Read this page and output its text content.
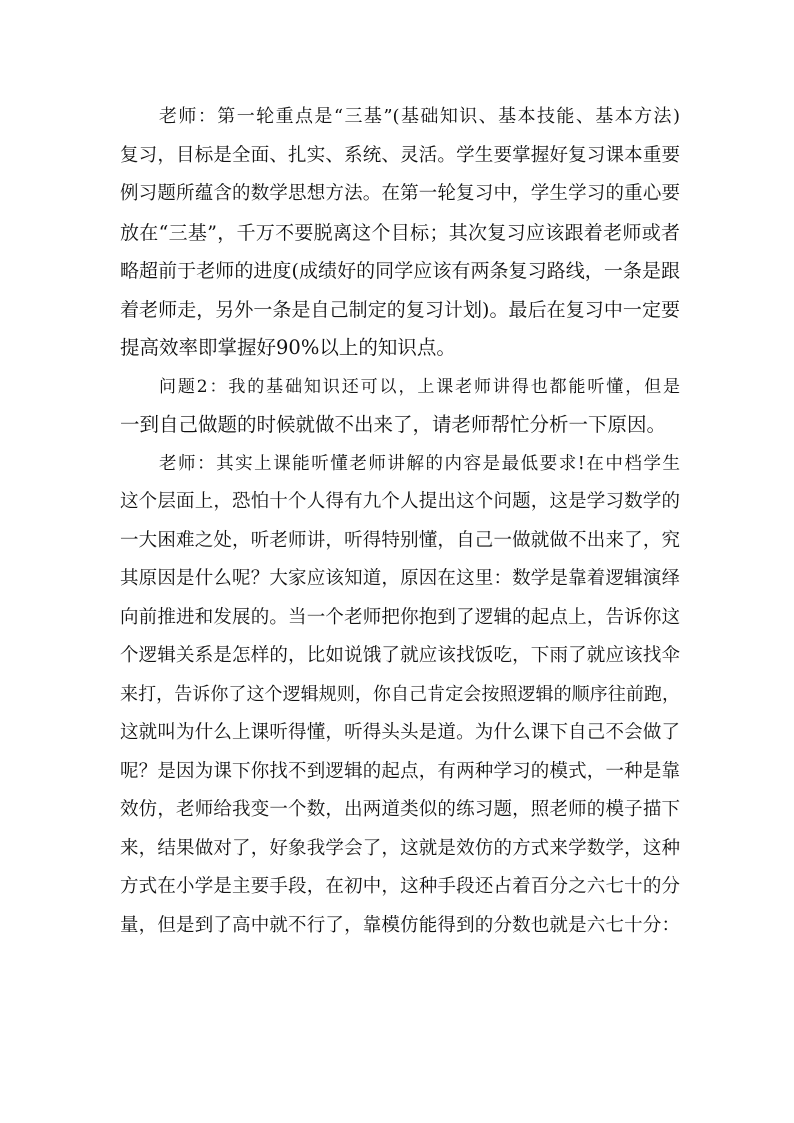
老师：第一轮重点是“三基”(基础知识、基本技能、基本方法)
复习，目标是全面、扎实、系统、灵活。学生要掌握好复习课本重要
例习题所蕴含的数学思想方法。在第一轮复习中，学生学习的重心要
放在“三基”，千万不要脱离这个目标；其次复习应该跟着老师或者
略超前于老师的进度(成绩好的同学应该有两条复习路线，一条是跟
着老师走，另外一条是自己制定的复习计划)。最后在复习中一定要
提高效率即掌握好90%以上的知识点。
问题2：我的基础知识还可以，上课老师讲得也都能听懂，但是
一到自己做题的时候就做不出来了，请老师帮忙分析一下原因。
老师：其实上课能听懂老师讲解的内容是最低要求!在中档学生
这个层面上，恐怕十个人得有九个人提出这个问题，这是学习数学的
一大困难之处，听老师讲，听得特别懂，自己一做就做不出来了，究
其原因是什么呢？大家应该知道，原因在这里：数学是靠着逻辑演绎
向前推进和发展的。当一个老师把你抱到了逻辑的起点上，告诉你这
个逻辑关系是怎样的，比如说饿了就应该找饭吃，下雨了就应该找伞
来打，告诉你了这个逻辑规则，你自己肯定会按照逻辑的顺序往前跑，
这就叫为什么上课听得懂，听得头头是道。为什么课下自己不会做了
呢？是因为课下你找不到逻辑的起点，有两种学习的模式，一种是靠
效仿，老师给我变一个数，出两道类似的练习题，照老师的模子描下
来，结果做对了，好象我学会了，这就是效仿的方式来学数学，这种
方式在小学是主要手段，在初中，这种手段还占着百分之六七十的分
量，但是到了高中就不行了，靠模仿能得到的分数也就是六七十分：
